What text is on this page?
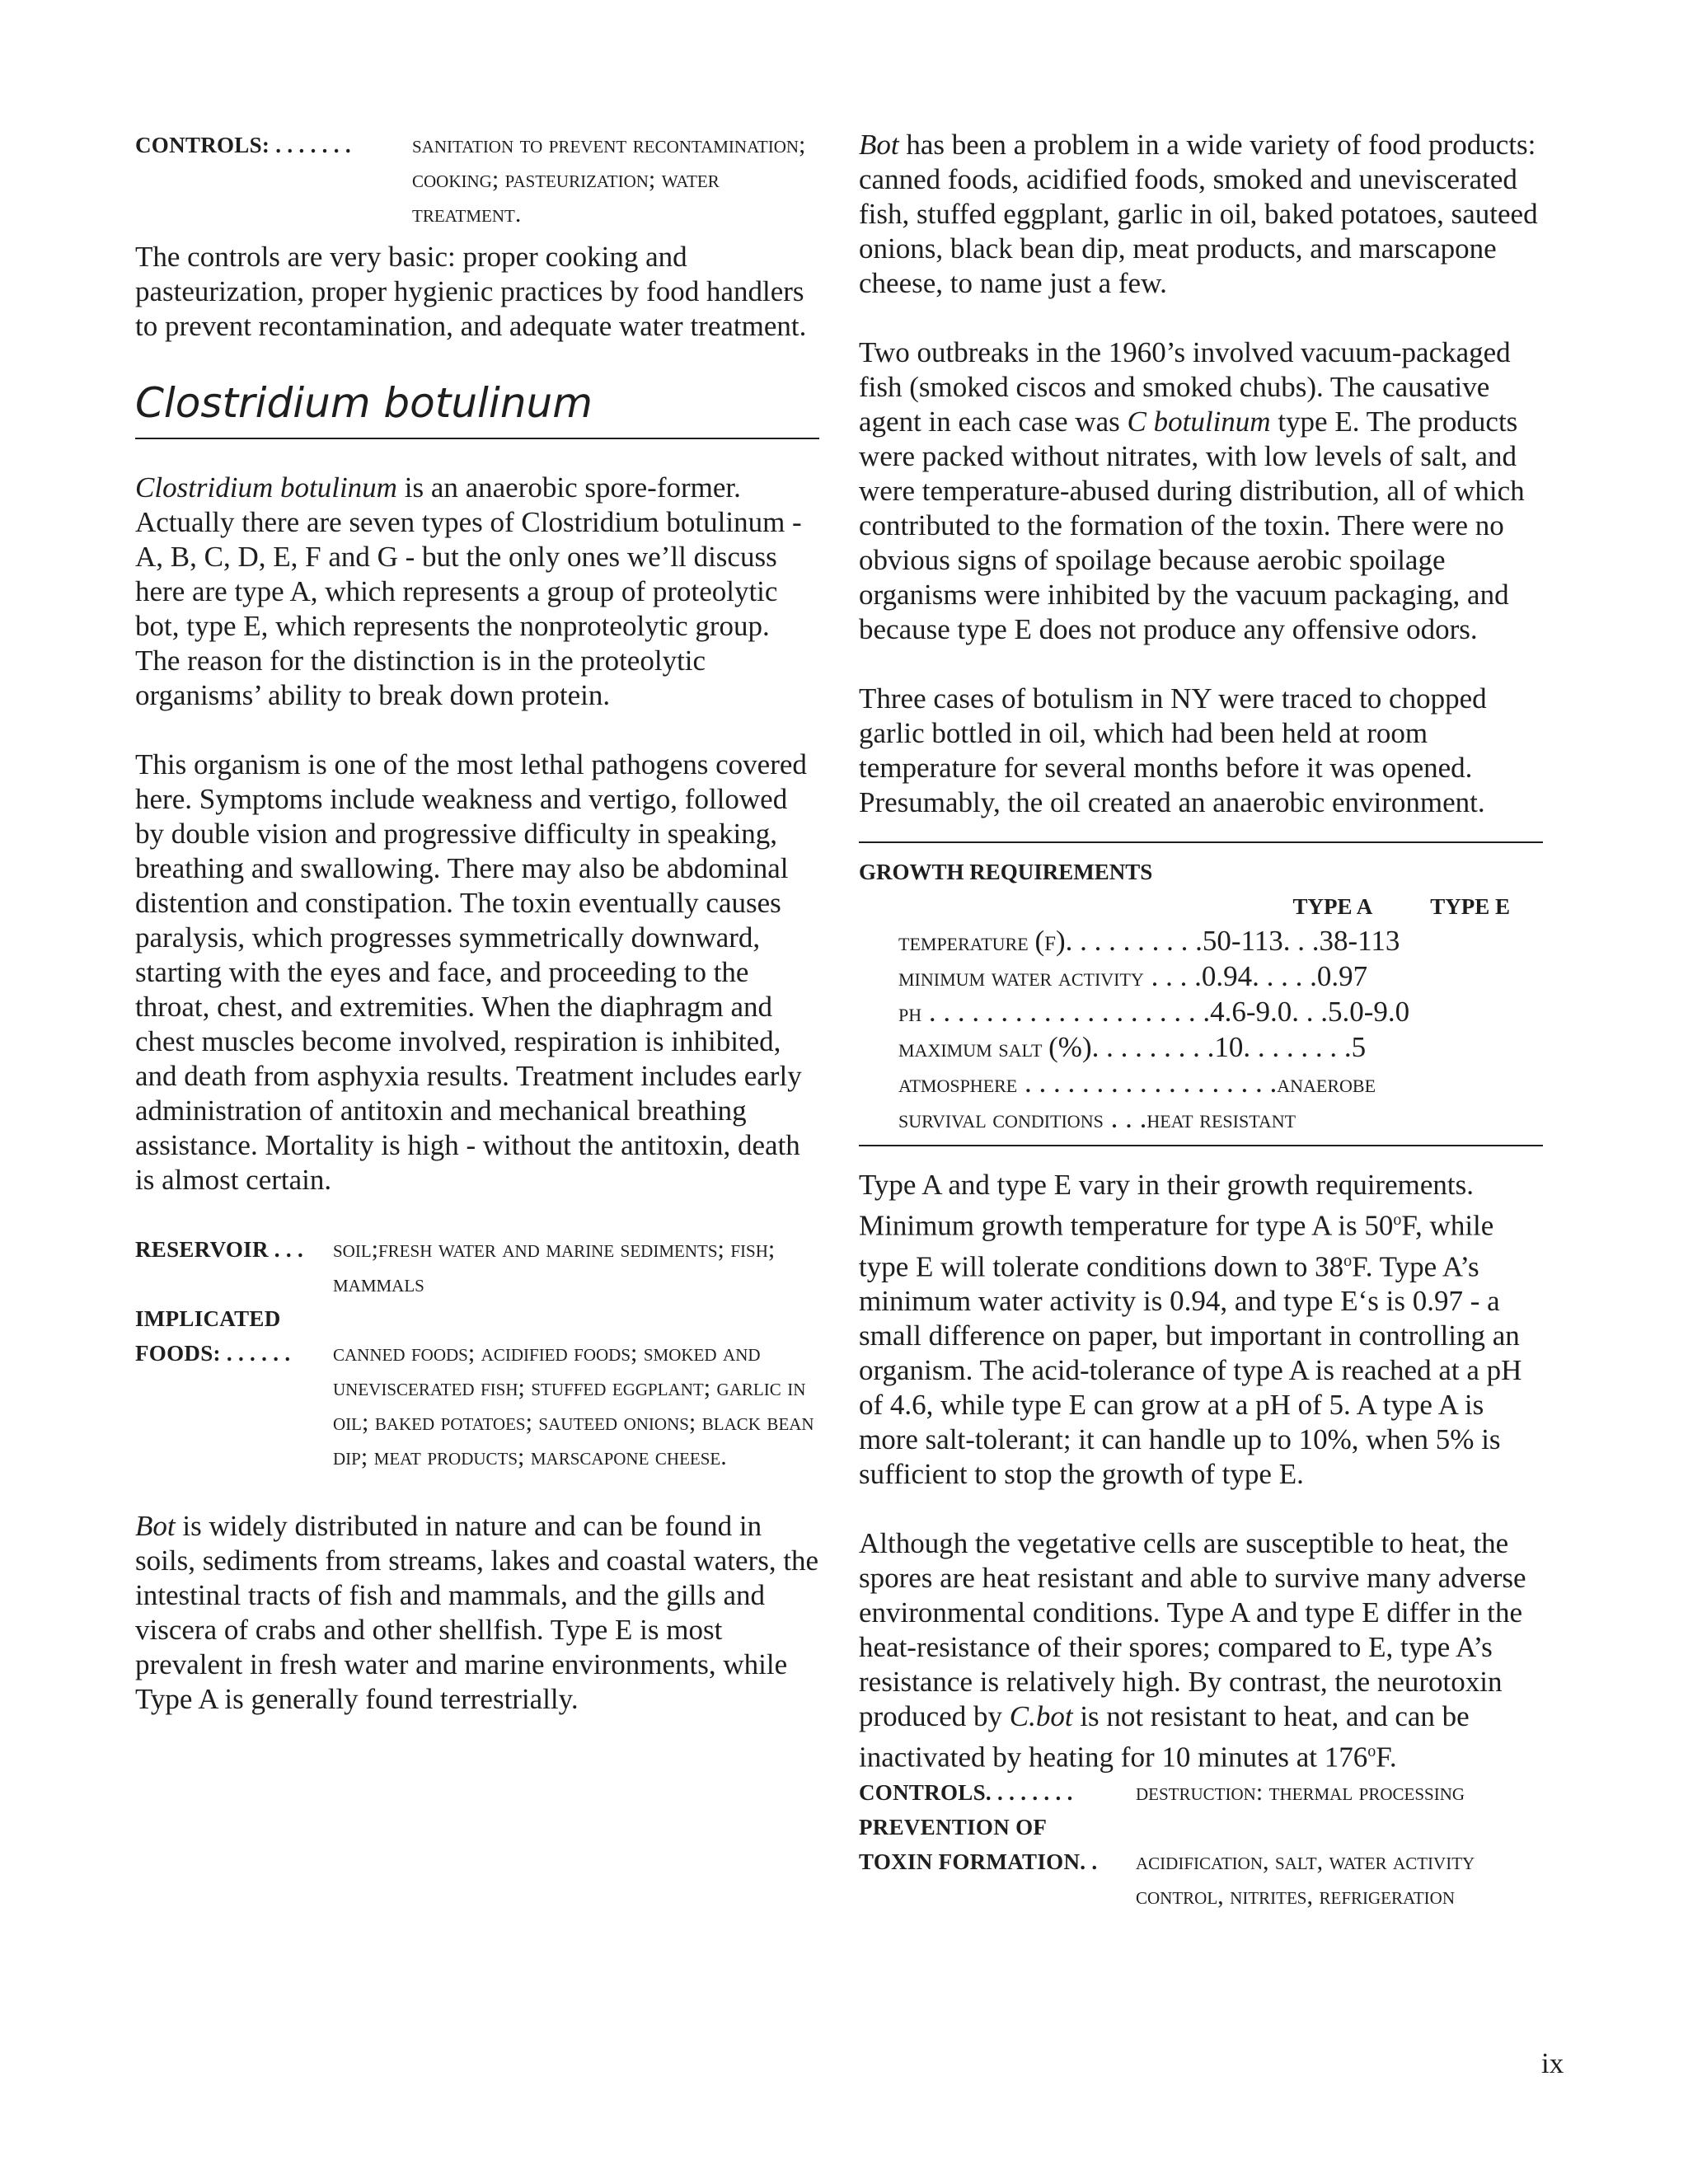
CONTROLS: . . . . . . .	sanitation to prevent recontamination; cooking; pasteurization; water treatment.

The controls are very basic: proper cooking and pasteurization, proper hygienic practices by food handlers to prevent recontamination, and adequate water treatment.

Clostridium botulinum

Clostridium botulinum is an anaerobic spore-former. Actually there are seven types of Clostridium botulinum - A, B, C, D, E, F and G - but the only ones we’ll discuss here are type A, which represents a group of proteolytic bot, type E, which represents the nonproteolytic group. The reason for the distinction is in the proteolytic organisms’ ability to break down protein.

This organism is one of the most lethal pathogens covered here. Symptoms include weakness and vertigo, followed by double vision and progressive difficulty in speaking, breathing and swallowing. There may also be abdominal distention and constipation. The toxin eventually causes paralysis, which progresses symmetrically downward, starting with the eyes and face, and proceeding to the throat, chest, and extremities. When the diaphragm and chest muscles become involved, respiration is inhibited, and death from asphyxia results. Treatment includes early administration of antitoxin and mechanical breathing assistance. Mortality is high - without the antitoxin, death is almost certain.

RESERVOIR . . .	soil;fresh water and marine sediments; fish; mammals
IMPLICATED
FOODS: . . . . . .	canned foods; acidified foods; smoked and uneviscerated fish; stuffed eggplant; garlic in oil; baked potatoes; sauteed onions; black bean dip; meat products; marscapone cheese.

Bot is widely distributed in nature and can be found in soils, sediments from streams, lakes and coastal waters, the intestinal tracts of fish and mammals, and the gills and viscera of crabs and other shellfish. Type E is most prevalent in fresh water and marine environments, while Type A is generally found terrestrially.

Bot has been a problem in a wide variety of food products: canned foods, acidified foods, smoked and uneviscerated fish, stuffed eggplant, garlic in oil, baked potatoes, sauteed onions, black bean dip, meat products, and marscapone cheese, to name just a few.

Two outbreaks in the 1960’s involved vacuum-packaged fish (smoked ciscos and smoked chubs). The causative agent in each case was C botulinum type E. The products were packed without nitrates, with low levels of salt, and were temperature-abused during distribution, all of which contributed to the formation of the toxin. There were no obvious signs of spoilage because aerobic spoilage organisms were inhibited by the vacuum packaging, and because type E does not produce any offensive odors.

Three cases of botulism in NY were traced to chopped garlic bottled in oil, which had been held at room temperature for several months before it was opened. Presumably, the oil created an anaerobic environment.

GROWTH REQUIREMENTS
TYPE A	TYPE E
temperature (f). . . . . . . . . .50-113. . .38-113
minimum water activity . . . .0.94. . . . .0.97
ph . . . . . . . . . . . . . . . . . . . .4.6-9.0. . .5.0-9.0
maximum salt (%). . . . . . . . .10. . . . . . . .5
atmosphere . . . . . . . . . . . . . . . . . .anaerobe
survival conditions . . .heat resistant

Type A and type E vary in their growth requirements. Minimum growth temperature for type A is 50$^o$F, while type E will tolerate conditions down to 38$^o$F. Type A’s minimum water activity is 0.94, and type E‘s is 0.97 - a small difference on paper, but important in controlling an organism. The acid-tolerance of type A is reached at a pH of 4.6, while type E can grow at a pH of 5. A type A is more salt-tolerant; it can handle up to 10%, when 5% is sufficient to stop the growth of type E.

Although the vegetative cells are susceptible to heat, the spores are heat resistant and able to survive many adverse environmental conditions. Type A and type E differ in the heat-resistance of their spores; compared to E, type A’s resistance is relatively high. By contrast, the neurotoxin produced by C.bot is not resistant to heat, and can be inactivated by heating for 10 minutes at 176$^o$F.

CONTROLS. . . . . . . .	destruction: thermal processing
PREVENTION OF
TOXIN FORMATION. .	acidification, salt, water activity control, nitrites, refrigeration
ix
